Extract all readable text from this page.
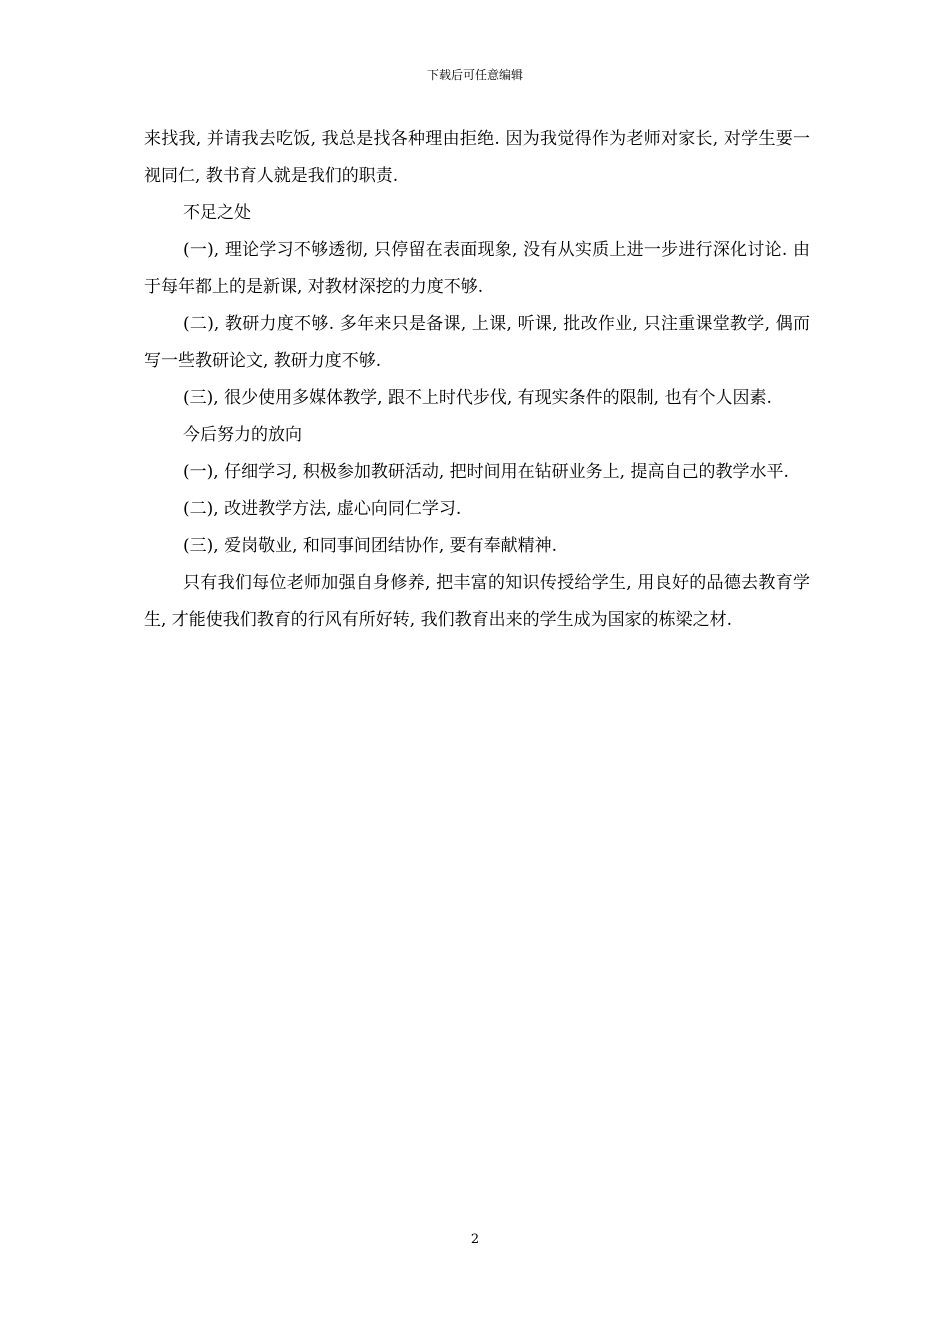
下载后可任意编辑

来找我, 并请我去吃饭, 我总是找各种理由拒绝. 因为我觉得作为老师对家长, 对学生要一视同仁, 教书育人就是我们的职责.

不足之处

(一), 理论学习不够透彻, 只停留在表面现象, 没有从实质上进一步进行深化讨论. 由于每年都上的是新课, 对教材深挖的力度不够.

(二), 教研力度不够. 多年来只是备课, 上课, 听课, 批改作业, 只注重课堂教学, 偶而写一些教研论文, 教研力度不够.

(三), 很少使用多媒体教学, 跟不上时代步伐, 有现实条件的限制, 也有个人因素.

今后努力的放向

(一), 仔细学习, 积极参加教研活动, 把时间用在钻研业务上, 提高自己的教学水平.

(二), 改进教学方法, 虚心向同仁学习.

(三), 爱岗敬业, 和同事间团结协作, 要有奉献精神.

只有我们每位老师加强自身修养, 把丰富的知识传授给学生, 用良好的品德去教育学生, 才能使我们教育的行风有所好转, 我们教育出来的学生成为国家的栋梁之材.

2
